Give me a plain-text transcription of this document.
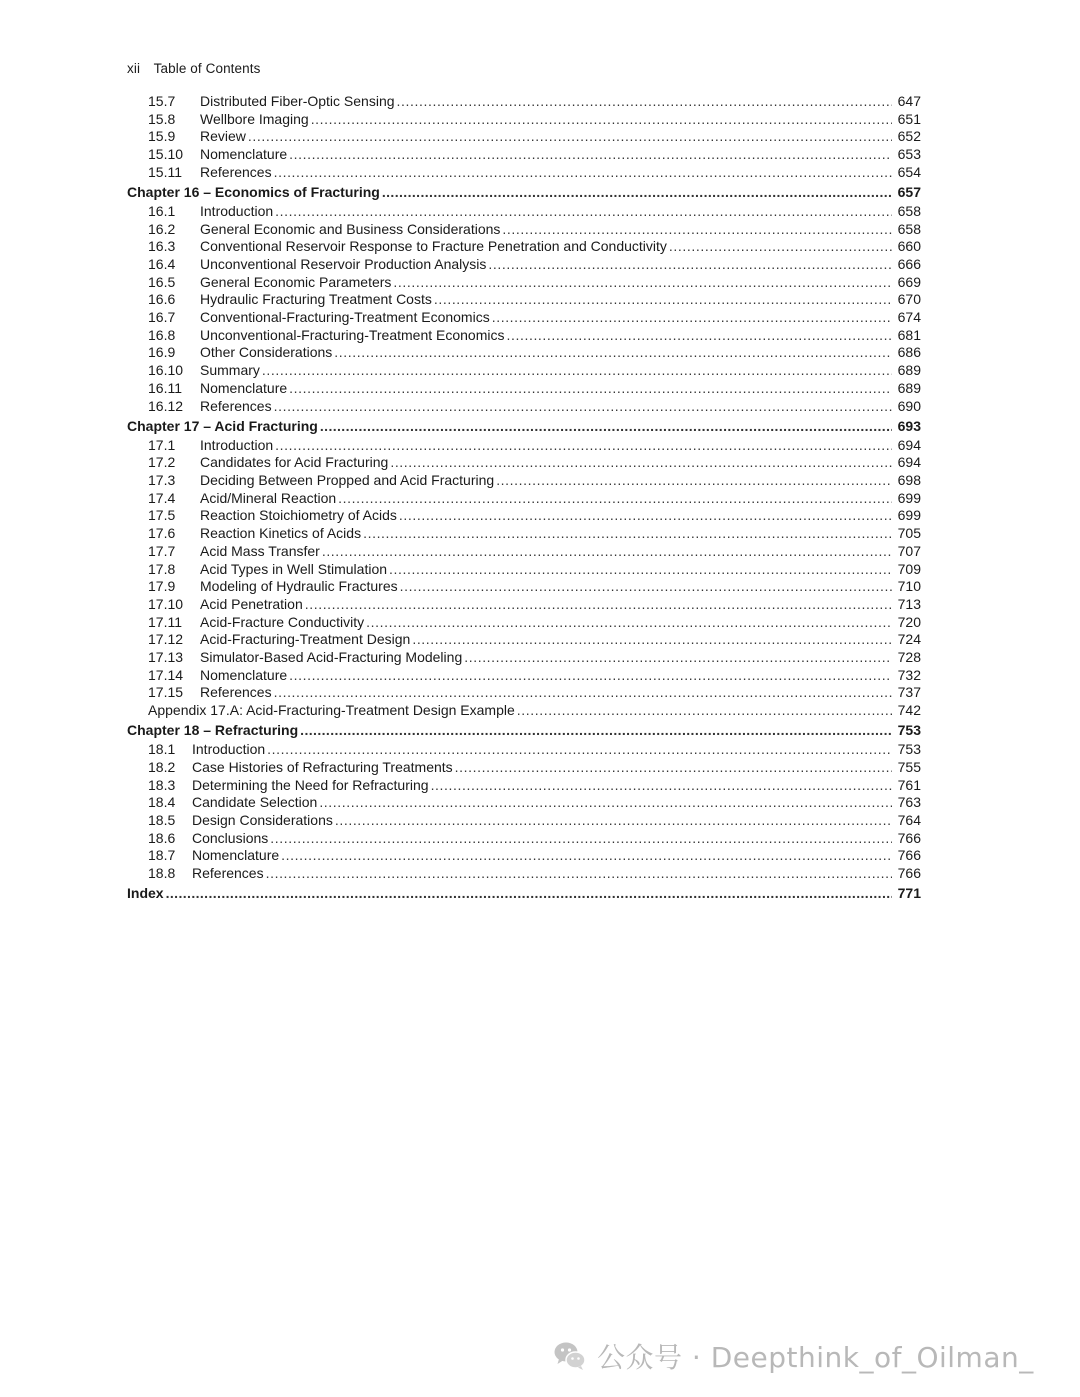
xii Table of Contents
15.7	Distributed Fiber-Optic Sensing .....	647
15.8	Wellbore Imaging .....	651
15.9	Review .....	652
15.10	Nomenclature .....	653
15.11	References .....	654
Chapter 16 – Economics of Fracturing .....	657
16.1	Introduction .....	658
16.2	General Economic and Business Considerations .....	658
16.3	Conventional Reservoir Response to Fracture Penetration and Conductivity .....	660
16.4	Unconventional Reservoir Production Analysis .....	666
16.5	General Economic Parameters .....	669
16.6	Hydraulic Fracturing Treatment Costs .....	670
16.7	Conventional-Fracturing-Treatment Economics .....	674
16.8	Unconventional-Fracturing-Treatment Economics .....	681
16.9	Other Considerations .....	686
16.10	Summary .....	689
16.11	Nomenclature .....	689
16.12	References .....	690
Chapter 17 – Acid Fracturing .....	693
17.1	Introduction .....	694
17.2	Candidates for Acid Fracturing .....	694
17.3	Deciding Between Propped and Acid Fracturing .....	698
17.4	Acid/Mineral Reaction .....	699
17.5	Reaction Stoichiometry of Acids .....	699
17.6	Reaction Kinetics of Acids .....	705
17.7	Acid Mass Transfer .....	707
17.8	Acid Types in Well Stimulation .....	709
17.9	Modeling of Hydraulic Fractures .....	710
17.10	Acid Penetration .....	713
17.11	Acid-Fracture Conductivity .....	720
17.12	Acid-Fracturing-Treatment Design .....	724
17.13	Simulator-Based Acid-Fracturing Modeling .....	728
17.14	Nomenclature .....	732
17.15	References .....	737
Appendix 17.A: Acid-Fracturing-Treatment Design Example .....	742
Chapter 18 – Refracturing .....	753
18.1	Introduction .....	753
18.2	Case Histories of Refracturing Treatments .....	755
18.3	Determining the Need for Refracturing .....	761
18.4	Candidate Selection .....	763
18.5	Design Considerations .....	764
18.6	Conclusions .....	766
18.7	Nomenclature .....	766
18.8	References .....	766
Index .....	771
公众号 · Deepthink_of_Oilman_
